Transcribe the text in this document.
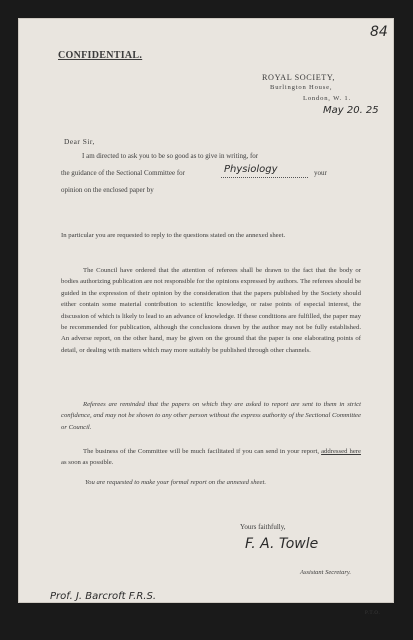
84
CONFIDENTIAL.
ROYAL SOCIETY,
Burlington House,
London, W. 1.
May 20. 25
Dear Sir,
I am directed to ask you to be so good as to give in writing, for
the guidance of the Sectional Committee for	Physiology	your
opinion on the enclosed paper by
In particular you are requested to reply to the questions stated on the annexed sheet.
The Council have ordered that the attention of referees shall be drawn to the fact that the body or bodies authorizing publication are not responsible for the opinions expressed by authors. The referees should be guided in the expression of their opinion by the consideration that the papers published by the Society should either contain some material contribution to scientific knowledge, or raise points of especial interest, the discussion of which is likely to lead to an advance of knowledge. If these conditions are fulfilled, the paper may be recommended for publication, although the conclusions drawn by the author may not be fully established. An adverse report, on the other hand, may be given on the ground that the paper is one elaborating points of detail, or dealing with matters which may more suitably be published through other channels.
Referees are reminded that the papers on which they are asked to report are sent to them in strict confidence, and may not be shown to any other person without the express authority of the Sectional Committee or Council.
The business of the Committee will be much facilitated if you can send in your report, addressed here as soon as possible.
You are requested to make your formal report on the annexed sheet.
Yours faithfully,
F. A. Towle
Assistant Secretary.
Prof. J. Barcroft F.R.S.
P.T.O.
